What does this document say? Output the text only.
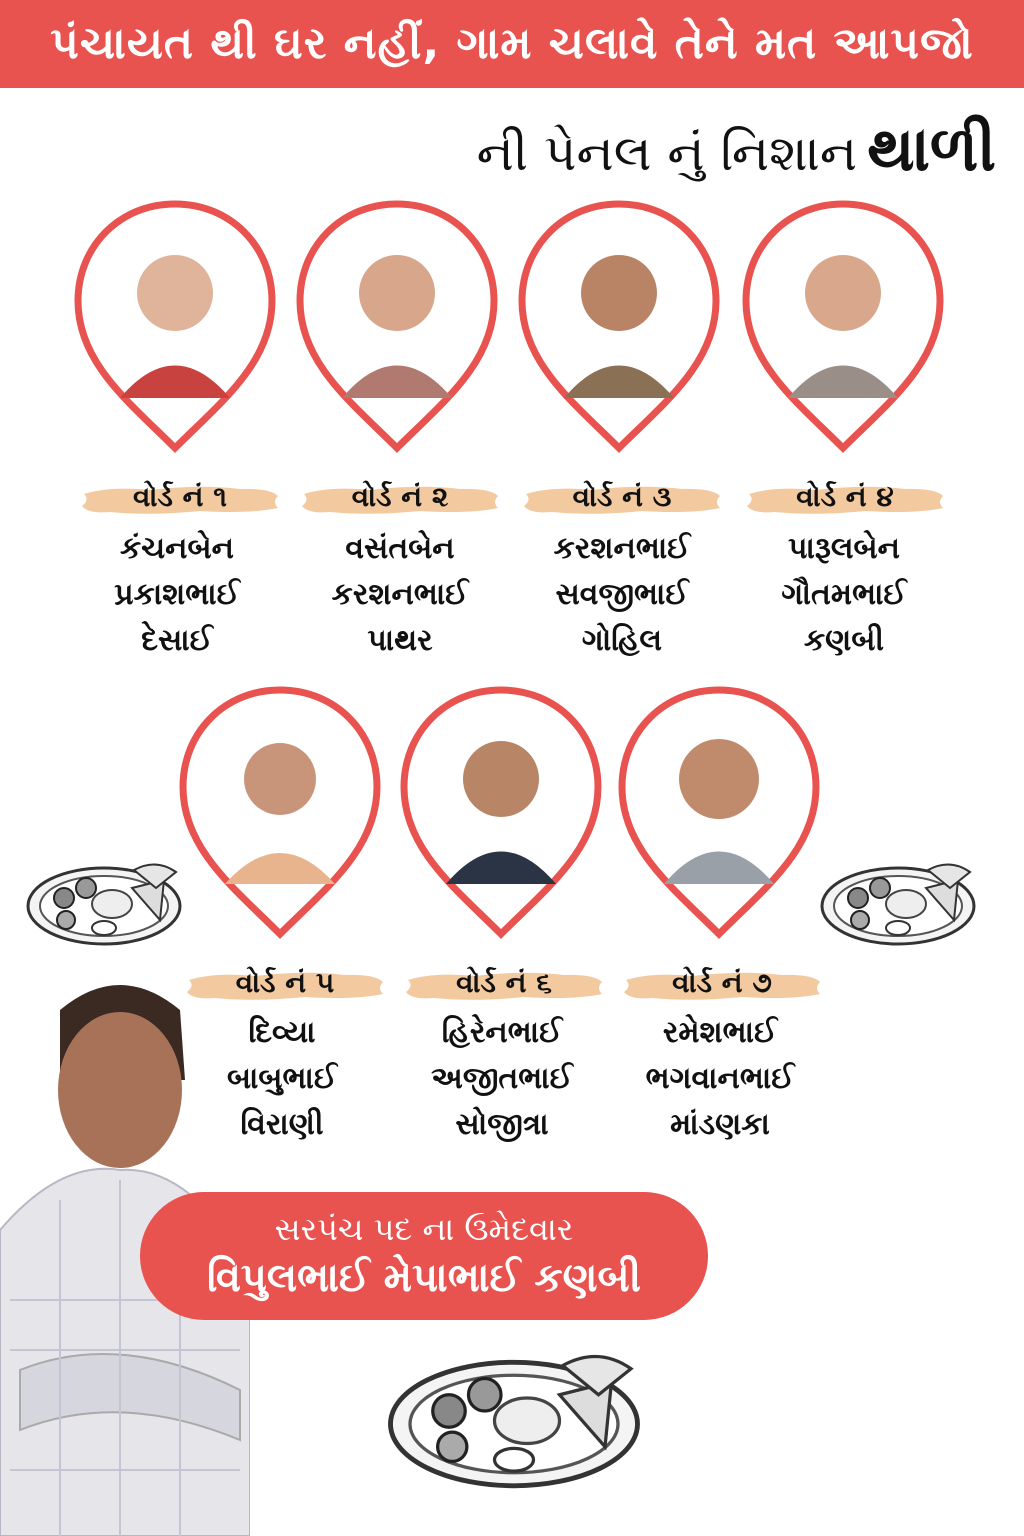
પંચાયત થી ઘર નહીં, ગામ ચલાવે તેને મત આપજો
ની પેનલ નું નિશાન થાળી
વોર્ડ નં ૧	વોર્ડ નં ૨	વોર્ડ નં ૩	વોર્ડ નં ૪
કંચનબેન
પ્રકાશભાઈ
દેસાઈ
વસંતબેન
કરશનભાઈ
પાથર
કરશનભાઈ
સવજીભાઈ
ગોહિલ
પારૂલબેન
ગૌતમભાઈ
કણબી
વોર્ડ નં ૫	વોર્ડ નં ૬	વોર્ડ નં ૭
દિવ્યા
બાબુભાઈ
વિરાણી
હિરેનભાઈ
અજીતભાઈ
સોજીત્રા
રમેશભાઈ
ભગવાનભાઈ
માંડણકા
સરપંચ પદ ના ઉમેદવાર
વિપુલભાઈ મેપાભાઈ કણબી
